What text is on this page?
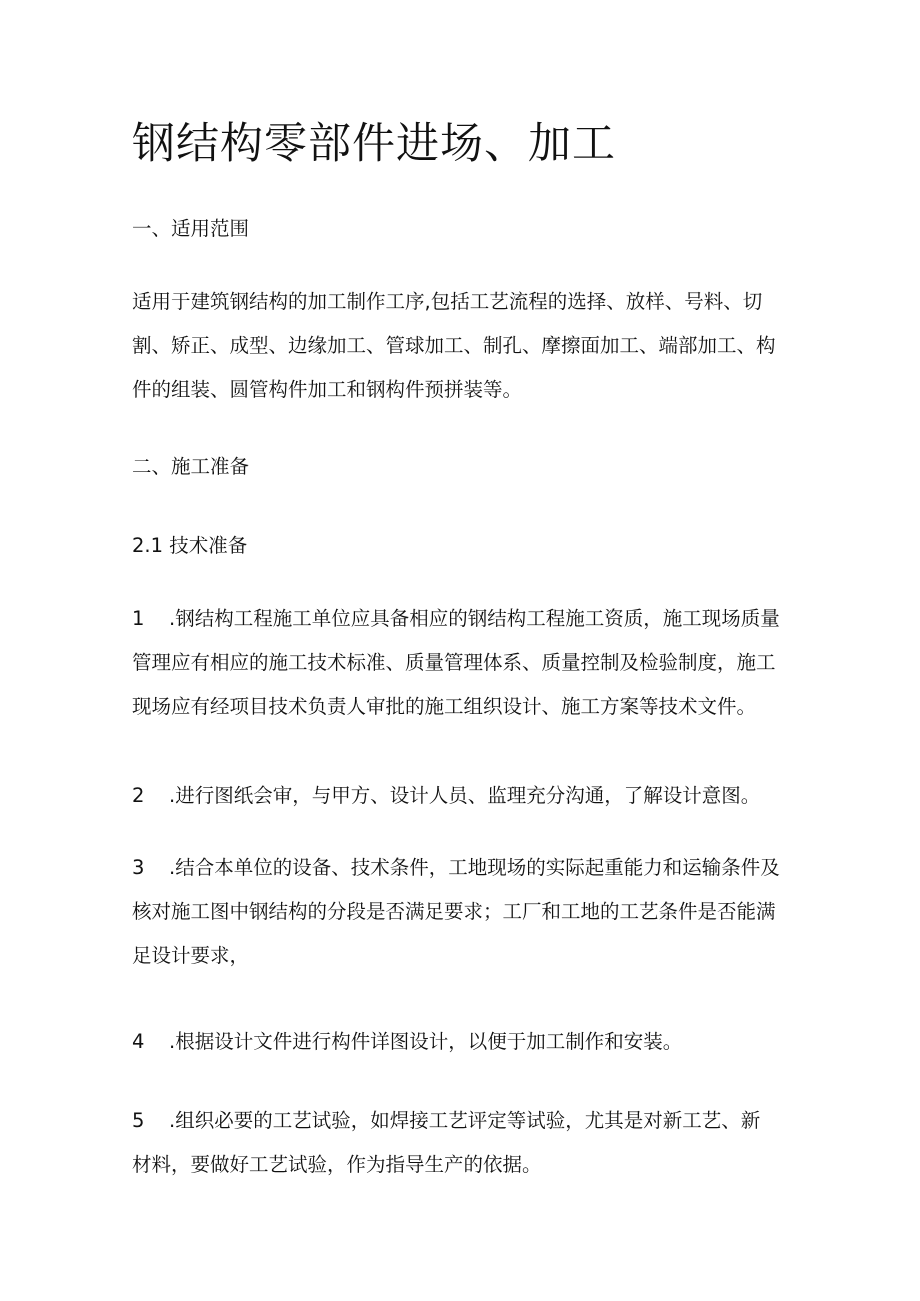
钢结构零部件进场、加工

一、适用范围

适用于建筑钢结构的加工制作工序,包括工艺流程的选择、放样、号料、切
割、矫正、成型、边缘加工、管球加工、制孔、摩擦面加工、端部加工、构
件的组装、圆管构件加工和钢构件预拼装等。

二、施工准备

2.1 技术准备

1 .钢结构工程施工单位应具备相应的钢结构工程施工资质，施工现场质量
管理应有相应的施工技术标准、质量管理体系、质量控制及检验制度，施工
现场应有经项目技术负责人审批的施工组织设计、施工方案等技术文件。

2 .进行图纸会审，与甲方、设计人员、监理充分沟通，了解设计意图。

3 .结合本单位的设备、技术条件，工地现场的实际起重能力和运输条件及
核对施工图中钢结构的分段是否满足要求；工厂和工地的工艺条件是否能满
足设计要求，

4 .根据设计文件进行构件详图设计，以便于加工制作和安装。

5 .组织必要的工艺试验，如焊接工艺评定等试验，尤其是对新工艺、新
材料，要做好工艺试验，作为指导生产的依据。
